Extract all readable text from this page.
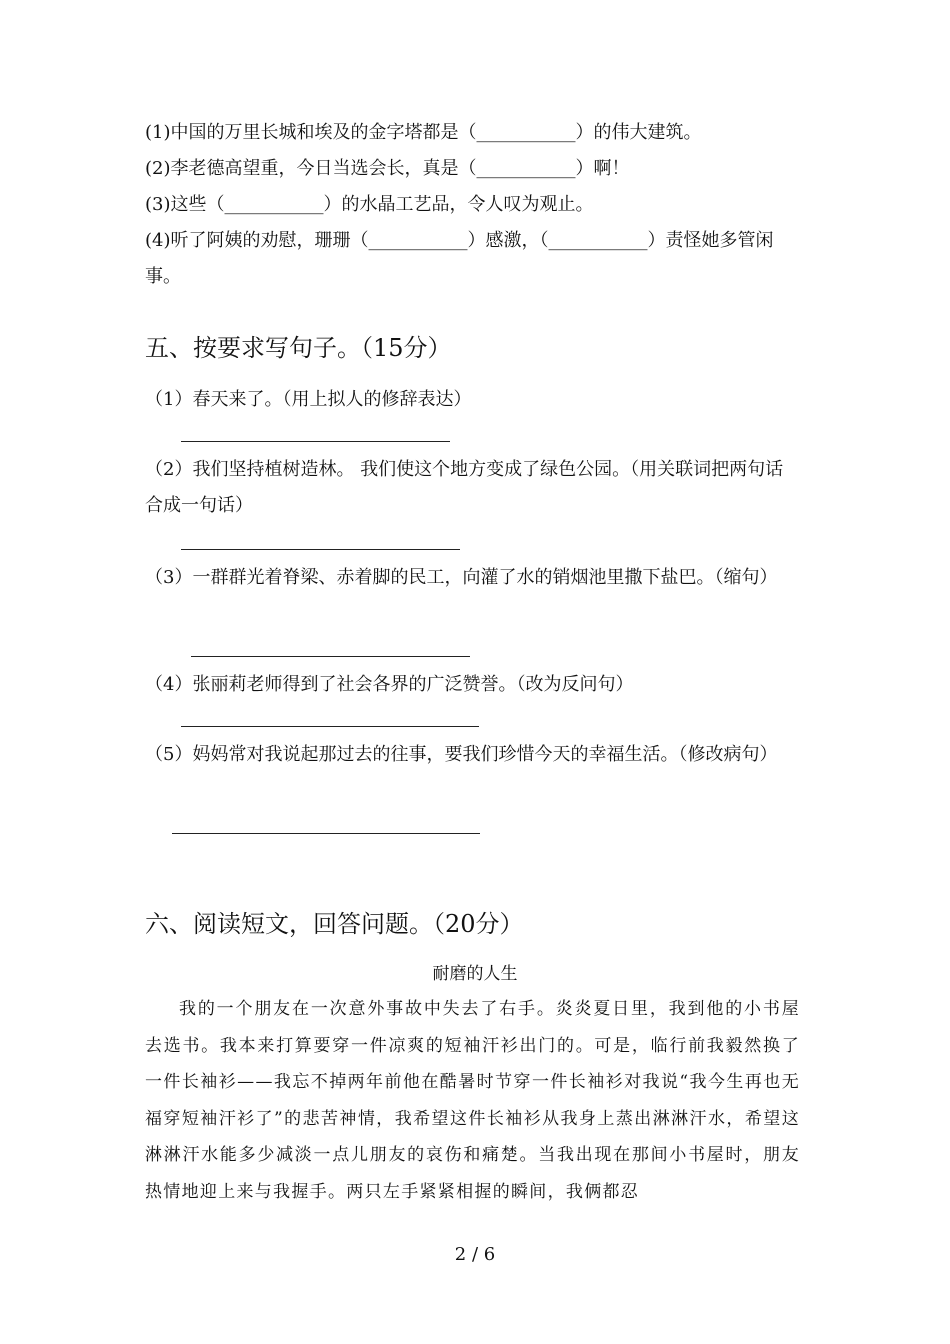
(1)中国的万里长城和埃及的金字塔都是（___________）的伟大建筑。
(2)李老德高望重，今日当选会长，真是（___________）啊！
(3)这些（___________）的水晶工艺品，令人叹为观止。
(4)听了阿姨的劝慰，珊珊（___________）感激，（___________）责怪她多管闲事。
五、按要求写句子。（15分）
（1）春天来了。（用上拟人的修辞表达）
（2）我们坚持植树造林。 我们使这个地方变成了绿色公园。（用关联词把两句话合成一句话）
（3）一群群光着脊梁、赤着脚的民工，向灌了水的销烟池里撒下盐巴。（缩句）
（4）张丽莉老师得到了社会各界的广泛赞誉。（改为反问句）
（5）妈妈常对我说起那过去的往事，要我们珍惜今天的幸福生活。（修改病句）
六、阅读短文，回答问题。（20分）
耐磨的人生

我的一个朋友在一次意外事故中失去了右手。炎炎夏日里，我到他的小书屋去选书。我本来打算要穿一件凉爽的短袖汗衫出门的。可是，临行前我毅然换了一件长袖衫——我忘不掉两年前他在酷暑时节穿一件长袖衫对我说“我今生再也无福穿短袖汗衫了”的悲苦神情，我希望这件长袖衫从我身上蒸出淋淋汗水，希望这淋淋汗水能多少减淡一点儿朋友的哀伤和痛楚。当我出现在那间小书屋时，朋友热情地迎上来与我握手。两只左手紧紧相握的瞬间，我俩都忍

2 / 6
